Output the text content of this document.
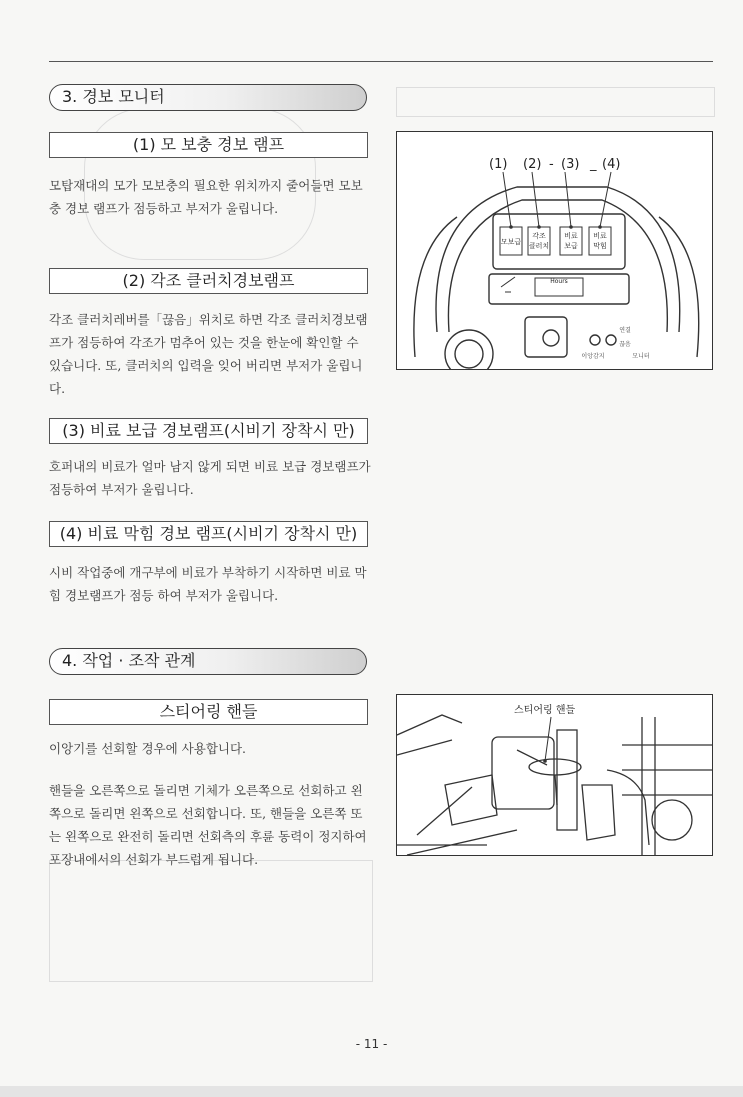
3. 경보 모니터
(1) 모 보충 경보 램프

모탑재대의 모가 모보충의 필요한 위치까지 줄어들면 모보충 경보 램프가 점등하고 부저가 울립니다.

(2) 각조 클러치경보램프

각조 클러치레버를「끊음」위치로 하면 각조 클러치경보램프가 점등하여 각조가 멈추어 있는 것을 한눈에 확인할 수 있습니다. 또, 클러치의 입력을 잊어 버리면 부저가 울립니다.

(3) 비료 보급 경보램프(시비기 장착시 만)

호퍼내의 비료가 얼마 남지 않게 되면 비료 보급 경보램프가 점등하여 부저가 울립니다.

(4) 비료 막힘 경보 램프(시비기 장착시 만)

시비 작업중에 개구부에 비료가 부착하기 시작하면 비료 막힘 경보램프가 점등 하여 부저가 울립니다.

4. 작업 · 조작 관계
스티어링 핸들

이앙기를 선회할 경우에 사용합니다.

핸들을 오른쪽으로 돌리면 기체가 오른쪽으로 선회하고 왼쪽으로 돌리면 왼쪽으로 선회합니다. 또, 핸들을 오른쪽 또는 왼쪽으로 완전히 돌리면 선회측의 후륜 동력이 정지하여 포장내에서의 선회가 부드럽게 됩니다.

(1) (2) - (3) _ (4)
모보급
각조
클러치
비료
보급
비료
막힘
Hours
이앙감지
연결
끊음
모니터
스티어링 핸들
- 11 -
